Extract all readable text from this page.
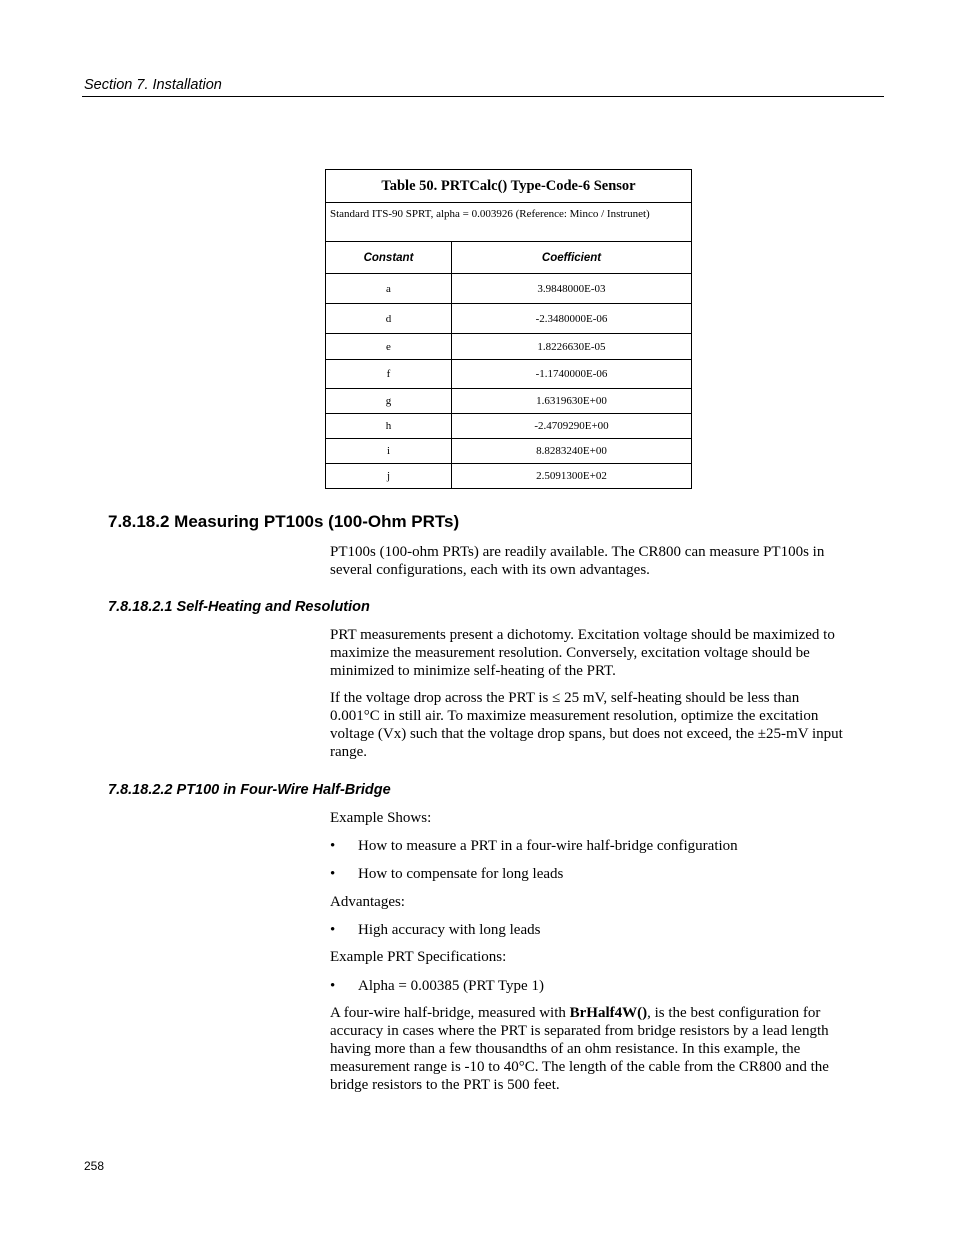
Section 7. Installation
Table 50. PRTCalc() Type-Code-6 Sensor	
Standard ITS-90 SPRT, alpha = 0.003926 (Reference: Minco / Instrunet)	
Constant	Coefficient
a	3.9848000E-03
d	-2.3480000E-06
e	1.8226630E-05
f	-1.1740000E-06
g	1.6319630E+00
h	-2.4709290E+00
i	8.8283240E+00
j	2.5091300E+02
7.8.18.2 Measuring PT100s (100-Ohm PRTs)
PT100s (100-ohm PRTs) are readily available. The CR800 can measure PT100s in several configurations, each with its own advantages.
7.8.18.2.1 Self-Heating and Resolution
PRT measurements present a dichotomy. Excitation voltage should be maximized to maximize the measurement resolution. Conversely, excitation voltage should be minimized to minimize self-heating of the PRT.
If the voltage drop across the PRT is ≤ 25 mV, self-heating should be less than 0.001°C in still air. To maximize measurement resolution, optimize the excitation voltage (Vx) such that the voltage drop spans, but does not exceed, the ±25-mV input range.
7.8.18.2.2 PT100 in Four-Wire Half-Bridge
Example Shows:
• How to measure a PRT in a four-wire half-bridge configuration
• How to compensate for long leads
Advantages:
• High accuracy with long leads
Example PRT Specifications:
• Alpha = 0.00385 (PRT Type 1)
A four-wire half-bridge, measured with BrHalf4W(), is the best configuration for accuracy in cases where the PRT is separated from bridge resistors by a lead length having more than a few thousandths of an ohm resistance. In this example, the measurement range is -10 to 40°C. The length of the cable from the CR800 and the bridge resistors to the PRT is 500 feet.
258
